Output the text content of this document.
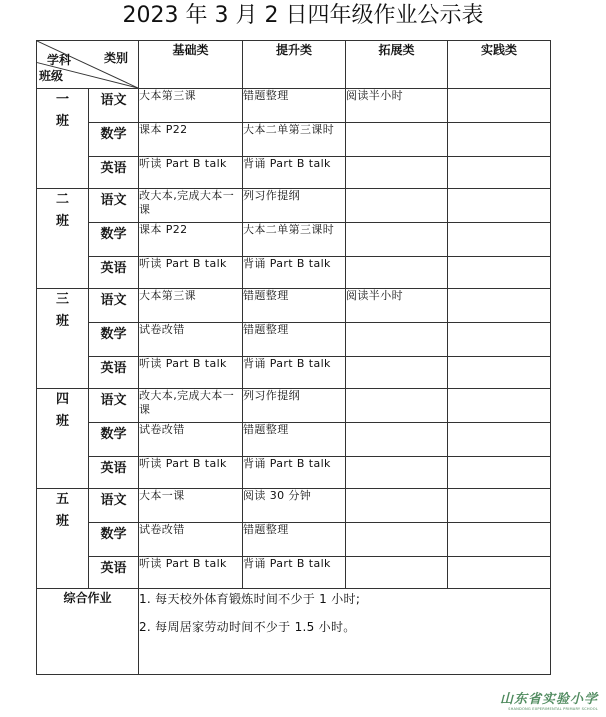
2023 年 3 月 2 日四年级作业公示表
类别
学科
班级		基础类	提升类	拓展类	实践类
一
班	语文	大本第三课	错题整理	阅读半小时	
	数学	课本 P22	大本二单第三课时		
	英语	听读 Part B talk	背诵 Part B talk		
二
班	语文	改大本,完成大本一课	列习作提纲		
	数学	课本 P22	大本二单第三课时		
	英语	听读 Part B talk	背诵 Part B talk		
三
班	语文	大本第三课	错题整理	阅读半小时	
	数学	试卷改错	错题整理		
	英语	听读 Part B talk	背诵 Part B talk		
四
班	语文	改大本,完成大本一课	列习作提纲		
	数学	试卷改错	错题整理		
	英语	听读 Part B talk	背诵 Part B talk		
五
班	语文	大本一课	阅读 30 分钟		
	数学	试卷改错	错题整理		
	英语	听读 Part B talk	背诵 Part B talk		
综合作业		1. 每天校外体育锻炼时间不少于 1 小时;
2. 每周居家劳动时间不少于 1.5 小时。			
山东省实验小学
SHANDONG EXPERIMENTAL PRIMARY SCHOOL
